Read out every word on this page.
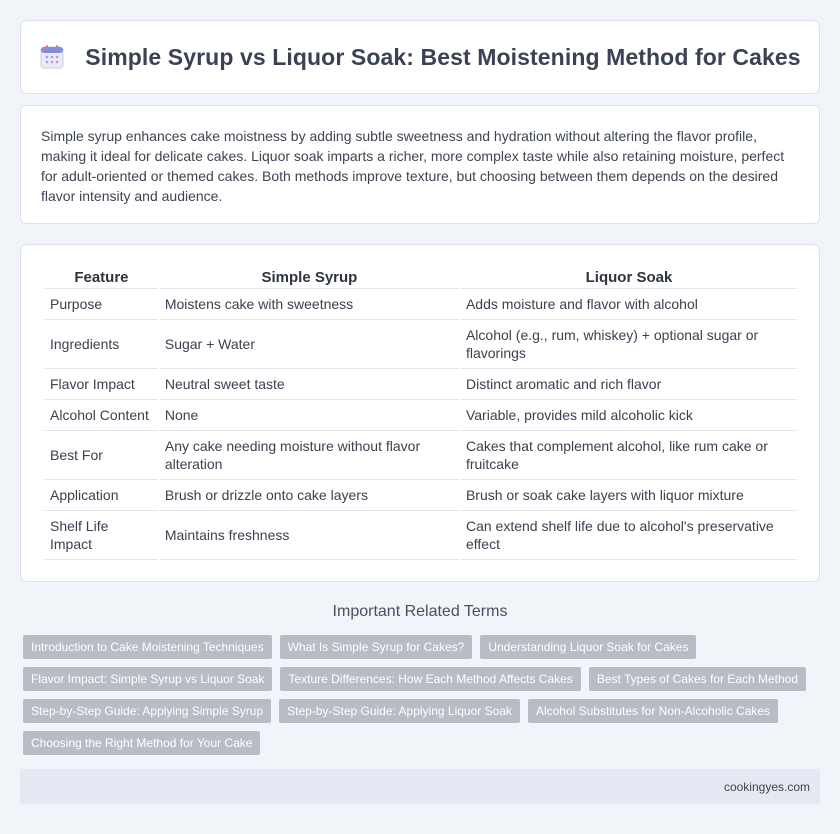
Simple Syrup vs Liquor Soak: Best Moistening Method for Cakes

Simple syrup enhances cake moistness by adding subtle sweetness and hydration without altering the flavor profile, making it ideal for delicate cakes. Liquor soak imparts a richer, more complex taste while also retaining moisture, perfect for adult-oriented or themed cakes. Both methods improve texture, but choosing between them depends on the desired flavor intensity and audience.

Feature	Simple Syrup	Liquor Soak
Purpose	Moistens cake with sweetness	Adds moisture and flavor with alcohol
Ingredients	Sugar + Water	Alcohol (e.g., rum, whiskey) + optional sugar or flavorings
Flavor Impact	Neutral sweet taste	Distinct aromatic and rich flavor
Alcohol Content	None	Variable, provides mild alcoholic kick
Best For	Any cake needing moisture without flavor alteration	Cakes that complement alcohol, like rum cake or fruitcake
Application	Brush or drizzle onto cake layers	Brush or soak cake layers with liquor mixture
Shelf Life Impact	Maintains freshness	Can extend shelf life due to alcohol's preservative effect
Important Related Terms
Introduction to Cake Moistening Techniques	What Is Simple Syrup for Cakes?	Understanding Liquor Soak for Cakes
Flavor Impact: Simple Syrup vs Liquor Soak	Texture Differences: How Each Method Affects Cakes	Best Types of Cakes for Each Method
Step-by-Step Guide: Applying Simple Syrup	Step-by-Step Guide: Applying Liquor Soak	Alcohol Substitutes for Non-Alcoholic Cakes
Choosing the Right Method for Your Cake
cookingyes.com
